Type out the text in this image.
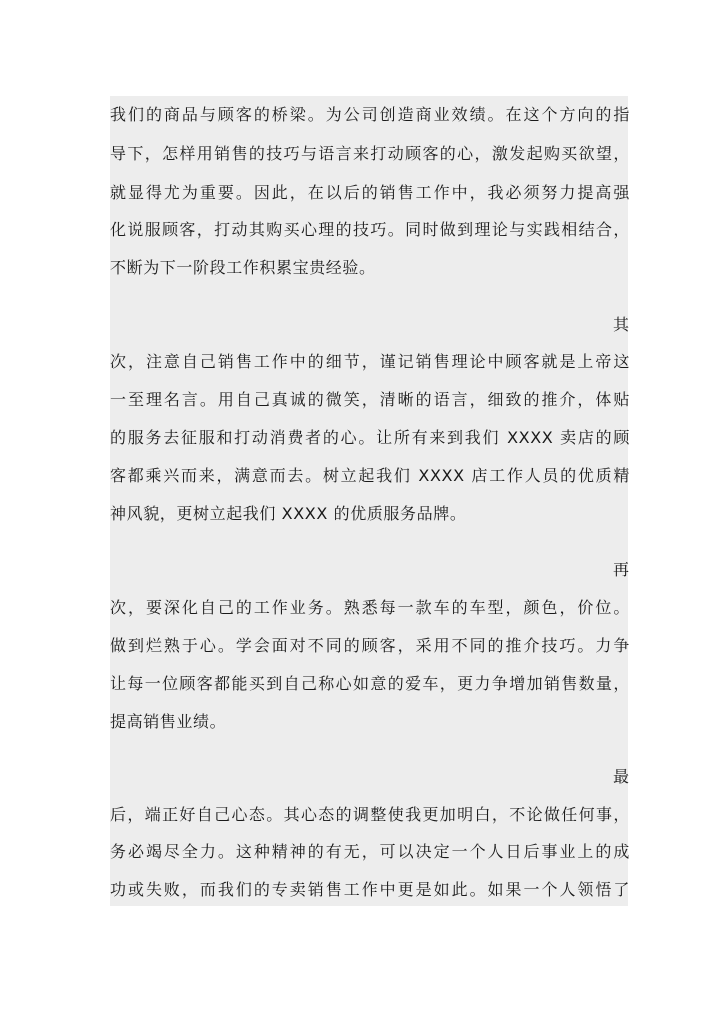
我们的商品与顾客的桥梁。为公司创造商业效绩。在这个方向的指
导下，怎样用销售的技巧与语言来打动顾客的心，激发起购买欲望，
就显得尤为重要。因此，在以后的销售工作中，我必须努力提高强
化说服顾客，打动其购买心理的技巧。同时做到理论与实践相结合，
不断为下一阶段工作积累宝贵经验。
其
次，注意自己销售工作中的细节，谨记销售理论中顾客就是上帝这
一至理名言。用自己真诚的微笑，清晰的语言，细致的推介，体贴
的服务去征服和打动消费者的心。让所有来到我们 XXXX 卖店的顾
客都乘兴而来，满意而去。树立起我们 XXXX 店工作人员的优质精
神风貌，更树立起我们 XXXX 的优质服务品牌。
再
次，要深化自己的工作业务。熟悉每一款车的车型，颜色，价位。
做到烂熟于心。学会面对不同的顾客，采用不同的推介技巧。力争
让每一位顾客都能买到自己称心如意的爱车，更力争增加销售数量，
提高销售业绩。
最
后，端正好自己心态。其心态的调整使我更加明白，不论做任何事，
务必竭尽全力。这种精神的有无，可以决定一个人日后事业上的成
功或失败，而我们的专卖销售工作中更是如此。如果一个人领悟了
